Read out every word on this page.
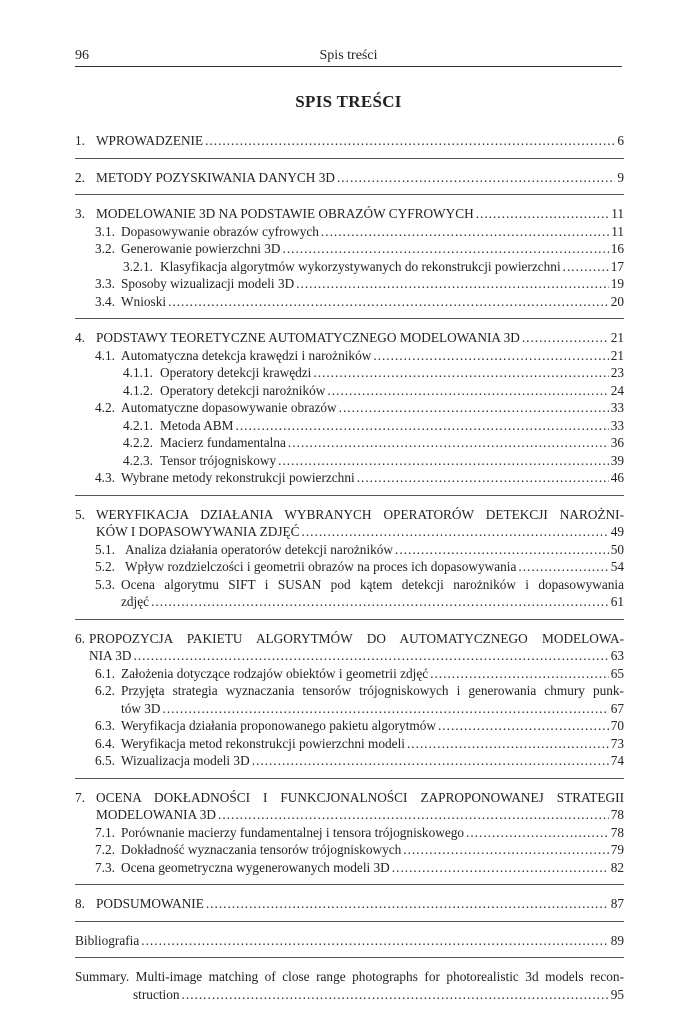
96	Spis treści
SPIS TREŚCI
1. WPROWADZENIE .....	6
2. METODY POZYSKIWANIA DANYCH 3D .....	9
3. MODELOWANIE 3D NA PODSTAWIE OBRAZÓW CYFROWYCH .....	11
3.1. Dopasowywanie obrazów cyfrowych .....	11
3.2. Generowanie powierzchni 3D .....	16
3.2.1. Klasyfikacja algorytmów wykorzystywanych do rekonstrukcji powierzchni .....	17
3.3. Sposoby wizualizacji modeli 3D .....	19
3.4. Wnioski .....	20
4. PODSTAWY TEORETYCZNE AUTOMATYCZNEGO MODELOWANIA 3D .....	21
4.1. Automatyczna detekcja krawędzi i narożników .....	21
4.1.1. Operatory detekcji krawędzi .....	23
4.1.2. Operatory detekcji narożników .....	24
4.2. Automatyczne dopasowywanie obrazów .....	33
4.2.1. Metoda ABM .....	33
4.2.2. Macierz fundamentalna .....	36
4.2.3. Tensor trójogniskowy .....	39
4.3. Wybrane metody rekonstrukcji powierzchni .....	46
5. WERYFIKACJA DZIAŁANIA WYBRANYCH OPERATORÓW DETEKCJI NAROŻNI-
KÓW I DOPASOWYWANIA ZDJĘĆ .....	49
5.1. Analiza działania operatorów detekcji narożników .....	50
5.2. Wpływ rozdzielczości i geometrii obrazów na proces ich dopasowywania .....	54
5.3. Ocena algorytmu SIFT i SUSAN pod kątem detekcji narożników i dopasowywania
zdjęć .....	61
6. PROPOZYCJA PAKIETU ALGORYTMÓW DO AUTOMATYCZNEGO MODELOWA-
NIA 3D .....	63
6.1. Założenia dotyczące rodzajów obiektów i geometrii zdjęć .....	65
6.2. Przyjęta strategia wyznaczania tensorów trójogniskowych i generowania chmury punk-
tów 3D .....	67
6.3. Weryfikacja działania proponowanego pakietu algorytmów .....	70
6.4. Weryfikacja metod rekonstrukcji powierzchni modeli .....	73
6.5. Wizualizacja modeli 3D .....	74
7. OCENA DOKŁADNOŚCI I FUNKCJONALNOŚCI ZAPROPONOWANEJ STRATEGII
MODELOWANIA 3D .....	78
7.1. Porównanie macierzy fundamentalnej i tensora trójogniskowego .....	78
7.2. Dokładność wyznaczania tensorów trójogniskowych .....	79
7.3. Ocena geometryczna wygenerowanych modeli 3D .....	82
8. PODSUMOWANIE .....	87
Bibliografia .....	89
Summary. Multi-image matching of close range photographs for photorealistic 3d models recon-
struction .....	95
